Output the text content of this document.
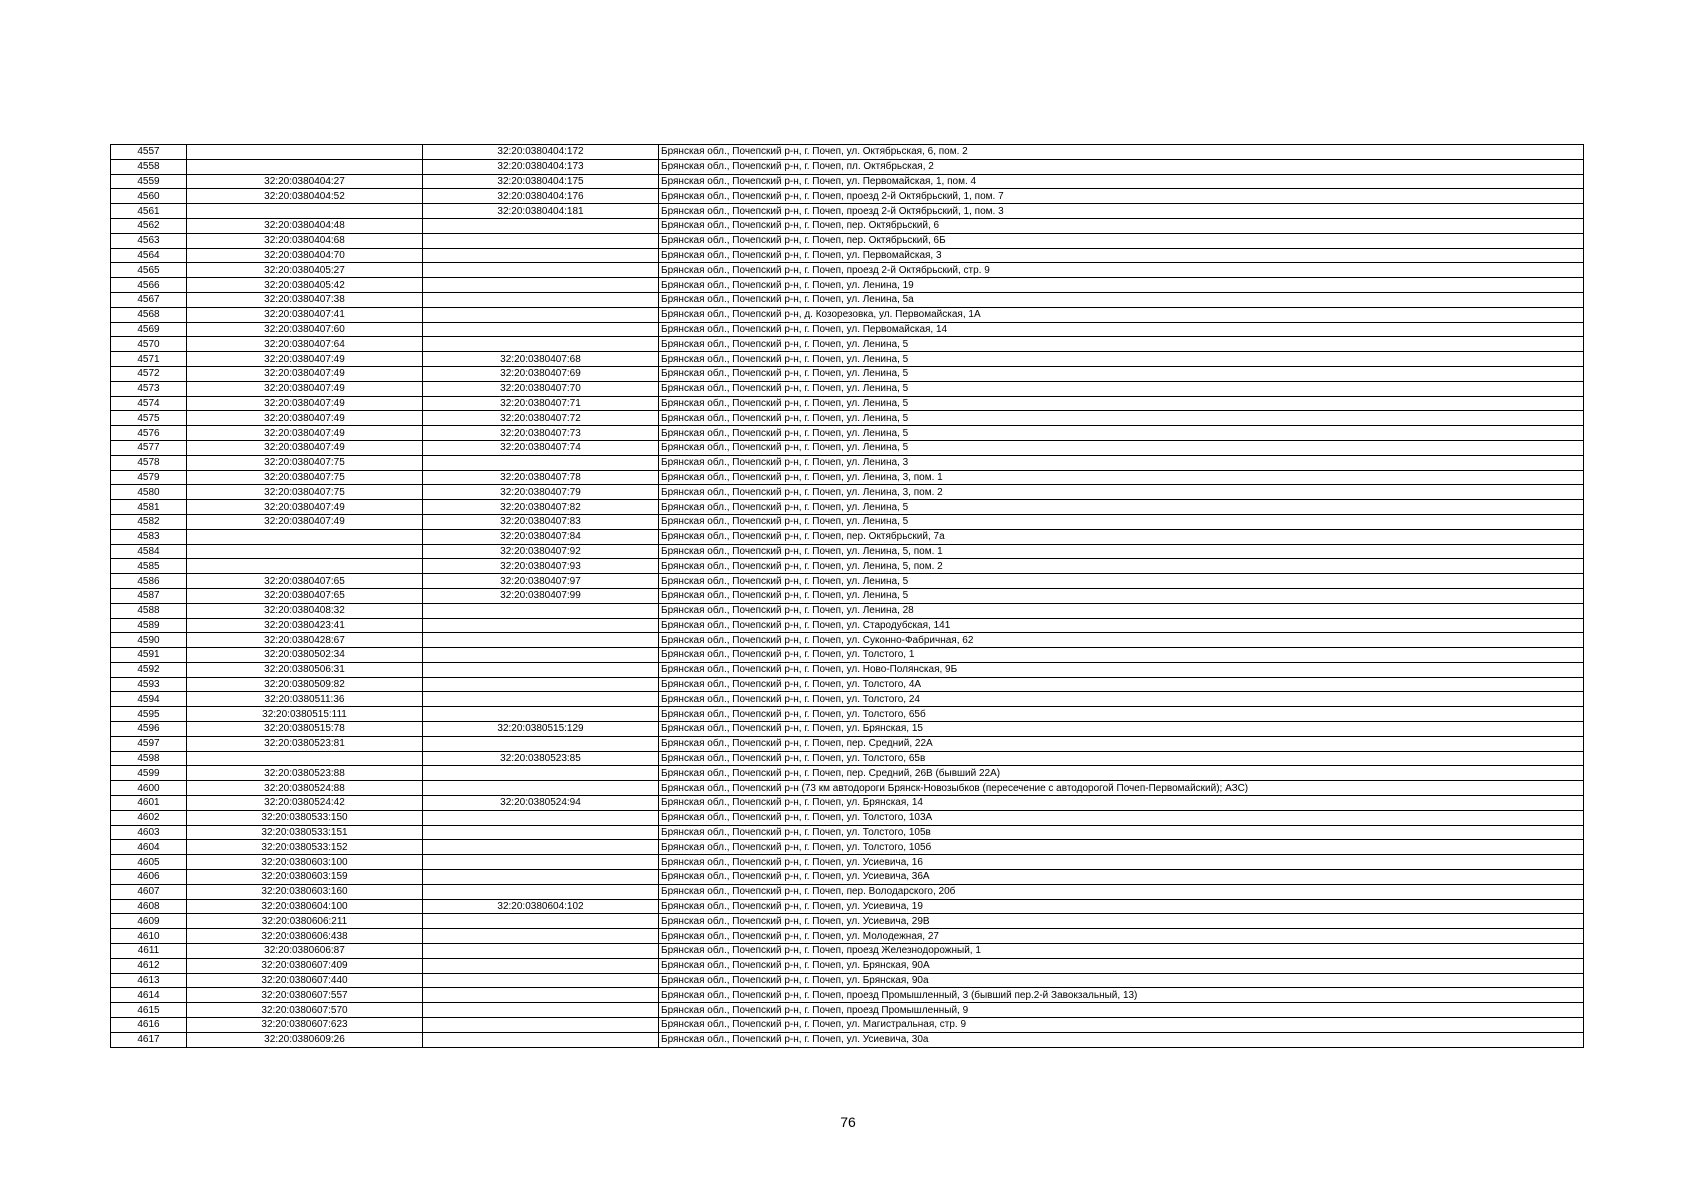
4557		32:20:0380404:172	Брянская обл., Почепский р-н, г. Почеп, ул. Октябрьская, 6, пом. 2
4558		32:20:0380404:173	Брянская обл., Почепский р-н, г. Почеп, пл. Октябрьская, 2
4559	32:20:0380404:27	32:20:0380404:175	Брянская обл., Почепский р-н, г. Почеп, ул. Первомайская, 1, пом. 4
4560	32:20:0380404:52	32:20:0380404:176	Брянская обл., Почепский р-н, г. Почеп, проезд 2-й Октябрьский, 1, пом. 7
4561		32:20:0380404:181	Брянская обл., Почепский р-н, г. Почеп, проезд 2-й Октябрьский, 1, пом. 3
4562	32:20:0380404:48		Брянская обл., Почепский р-н, г. Почеп, пер. Октябрьский, 6
4563	32:20:0380404:68		Брянская обл., Почепский р-н, г. Почеп, пер. Октябрьский, 6Б
4564	32:20:0380404:70		Брянская обл., Почепский р-н, г. Почеп, ул. Первомайская, 3
4565	32:20:0380405:27		Брянская обл., Почепский р-н, г. Почеп, проезд 2-й Октябрьский, стр. 9
4566	32:20:0380405:42		Брянская обл., Почепский р-н, г. Почеп, ул. Ленина, 19
4567	32:20:0380407:38		Брянская обл., Почепский р-н, г. Почеп, ул. Ленина, 5а
4568	32:20:0380407:41		Брянская обл., Почепский р-н, д. Козорезовка, ул. Первомайская, 1А
4569	32:20:0380407:60		Брянская обл., Почепский р-н, г. Почеп, ул. Первомайская, 14
4570	32:20:0380407:64		Брянская обл., Почепский р-н, г. Почеп, ул. Ленина, 5
4571	32:20:0380407:49	32:20:0380407:68	Брянская обл., Почепский р-н, г. Почеп, ул. Ленина, 5
4572	32:20:0380407:49	32:20:0380407:69	Брянская обл., Почепский р-н, г. Почеп, ул. Ленина, 5
4573	32:20:0380407:49	32:20:0380407:70	Брянская обл., Почепский р-н, г. Почеп, ул. Ленина, 5
4574	32:20:0380407:49	32:20:0380407:71	Брянская обл., Почепский р-н, г. Почеп, ул. Ленина, 5
4575	32:20:0380407:49	32:20:0380407:72	Брянская обл., Почепский р-н, г. Почеп, ул. Ленина, 5
4576	32:20:0380407:49	32:20:0380407:73	Брянская обл., Почепский р-н, г. Почеп, ул. Ленина, 5
4577	32:20:0380407:49	32:20:0380407:74	Брянская обл., Почепский р-н, г. Почеп, ул. Ленина, 5
4578	32:20:0380407:75		Брянская обл., Почепский р-н, г. Почеп, ул. Ленина, 3
4579	32:20:0380407:75	32:20:0380407:78	Брянская обл., Почепский р-н, г. Почеп, ул. Ленина, 3, пом. 1
4580	32:20:0380407:75	32:20:0380407:79	Брянская обл., Почепский р-н, г. Почеп, ул. Ленина, 3, пом. 2
4581	32:20:0380407:49	32:20:0380407:82	Брянская обл., Почепский р-н, г. Почеп, ул. Ленина, 5
4582	32:20:0380407:49	32:20:0380407:83	Брянская обл., Почепский р-н, г. Почеп, ул. Ленина, 5
4583		32:20:0380407:84	Брянская обл., Почепский р-н, г. Почеп, пер. Октябрьский, 7а
4584		32:20:0380407:92	Брянская обл., Почепский р-н, г. Почеп, ул. Ленина, 5, пом. 1
4585		32:20:0380407:93	Брянская обл., Почепский р-н, г. Почеп, ул. Ленина, 5, пом. 2
4586	32:20:0380407:65	32:20:0380407:97	Брянская обл., Почепский р-н, г. Почеп, ул. Ленина, 5
4587	32:20:0380407:65	32:20:0380407:99	Брянская обл., Почепский р-н, г. Почеп, ул. Ленина, 5
4588	32:20:0380408:32		Брянская обл., Почепский р-н, г. Почеп, ул. Ленина, 28
4589	32:20:0380423:41		Брянская обл., Почепский р-н, г. Почеп, ул. Стародубская, 141
4590	32:20:0380428:67		Брянская обл., Почепский р-н, г. Почеп, ул. Суконно-Фабричная, 62
4591	32:20:0380502:34		Брянская обл., Почепский р-н, г. Почеп, ул. Толстого, 1
4592	32:20:0380506:31		Брянская обл., Почепский р-н, г. Почеп, ул. Ново-Полянская, 9Б
4593	32:20:0380509:82		Брянская обл., Почепский р-н, г. Почеп, ул. Толстого, 4А
4594	32:20:0380511:36		Брянская обл., Почепский р-н, г. Почеп, ул. Толстого, 24
4595	32:20:0380515:111		Брянская обл., Почепский р-н, г. Почеп, ул. Толстого, 65б
4596	32:20:0380515:78	32:20:0380515:129	Брянская обл., Почепский р-н, г. Почеп, ул. Брянская, 15
4597	32:20:0380523:81		Брянская обл., Почепский р-н, г. Почеп, пер. Средний, 22А
4598		32:20:0380523:85	Брянская обл., Почепский р-н, г. Почеп, ул. Толстого, 65в
4599	32:20:0380523:88		Брянская обл., Почепский р-н, г. Почеп, пер. Средний, 26В (бывший 22А)
4600	32:20:0380524:88		Брянская обл., Почепский р-н (73 км автодороги Брянск-Новозыбков (пересечение с автодорогой Почеп-Первомайский); АЗС)
4601	32:20:0380524:42	32:20:0380524:94	Брянская обл., Почепский р-н, г. Почеп, ул. Брянская, 14
4602	32:20:0380533:150		Брянская обл., Почепский р-н, г. Почеп, ул. Толстого, 103А
4603	32:20:0380533:151		Брянская обл., Почепский р-н, г. Почеп, ул. Толстого, 105в
4604	32:20:0380533:152		Брянская обл., Почепский р-н, г. Почеп, ул. Толстого, 105б
4605	32:20:0380603:100		Брянская обл., Почепский р-н, г. Почеп, ул. Усиевича, 16
4606	32:20:0380603:159		Брянская обл., Почепский р-н, г. Почеп, ул. Усиевича, 36А
4607	32:20:0380603:160		Брянская обл., Почепский р-н, г. Почеп, пер. Володарского, 20б
4608	32:20:0380604:100	32:20:0380604:102	Брянская обл., Почепский р-н, г. Почеп, ул. Усиевича, 19
4609	32:20:0380606:211		Брянская обл., Почепский р-н, г. Почеп, ул. Усиевича, 29В
4610	32:20:0380606:438		Брянская обл., Почепский р-н, г. Почеп, ул. Молодежная, 27
4611	32:20:0380606:87		Брянская обл., Почепский р-н, г. Почеп, проезд Железнодорожный, 1
4612	32:20:0380607:409		Брянская обл., Почепский р-н, г. Почеп, ул. Брянская, 90А
4613	32:20:0380607:440		Брянская обл., Почепский р-н, г. Почеп, ул. Брянская, 90а
4614	32:20:0380607:557		Брянская обл., Почепский р-н, г. Почеп, проезд Промышленный, 3 (бывший пер.2-й Завокзальный, 13)
4615	32:20:0380607:570		Брянская обл., Почепский р-н, г. Почеп, проезд Промышленный, 9
4616	32:20:0380607:623		Брянская обл., Почепский р-н, г. Почеп, ул. Магистральная, стр. 9
4617	32:20:0380609:26		Брянская обл., Почепский р-н, г. Почеп, ул. Усиевича, 30а
76
